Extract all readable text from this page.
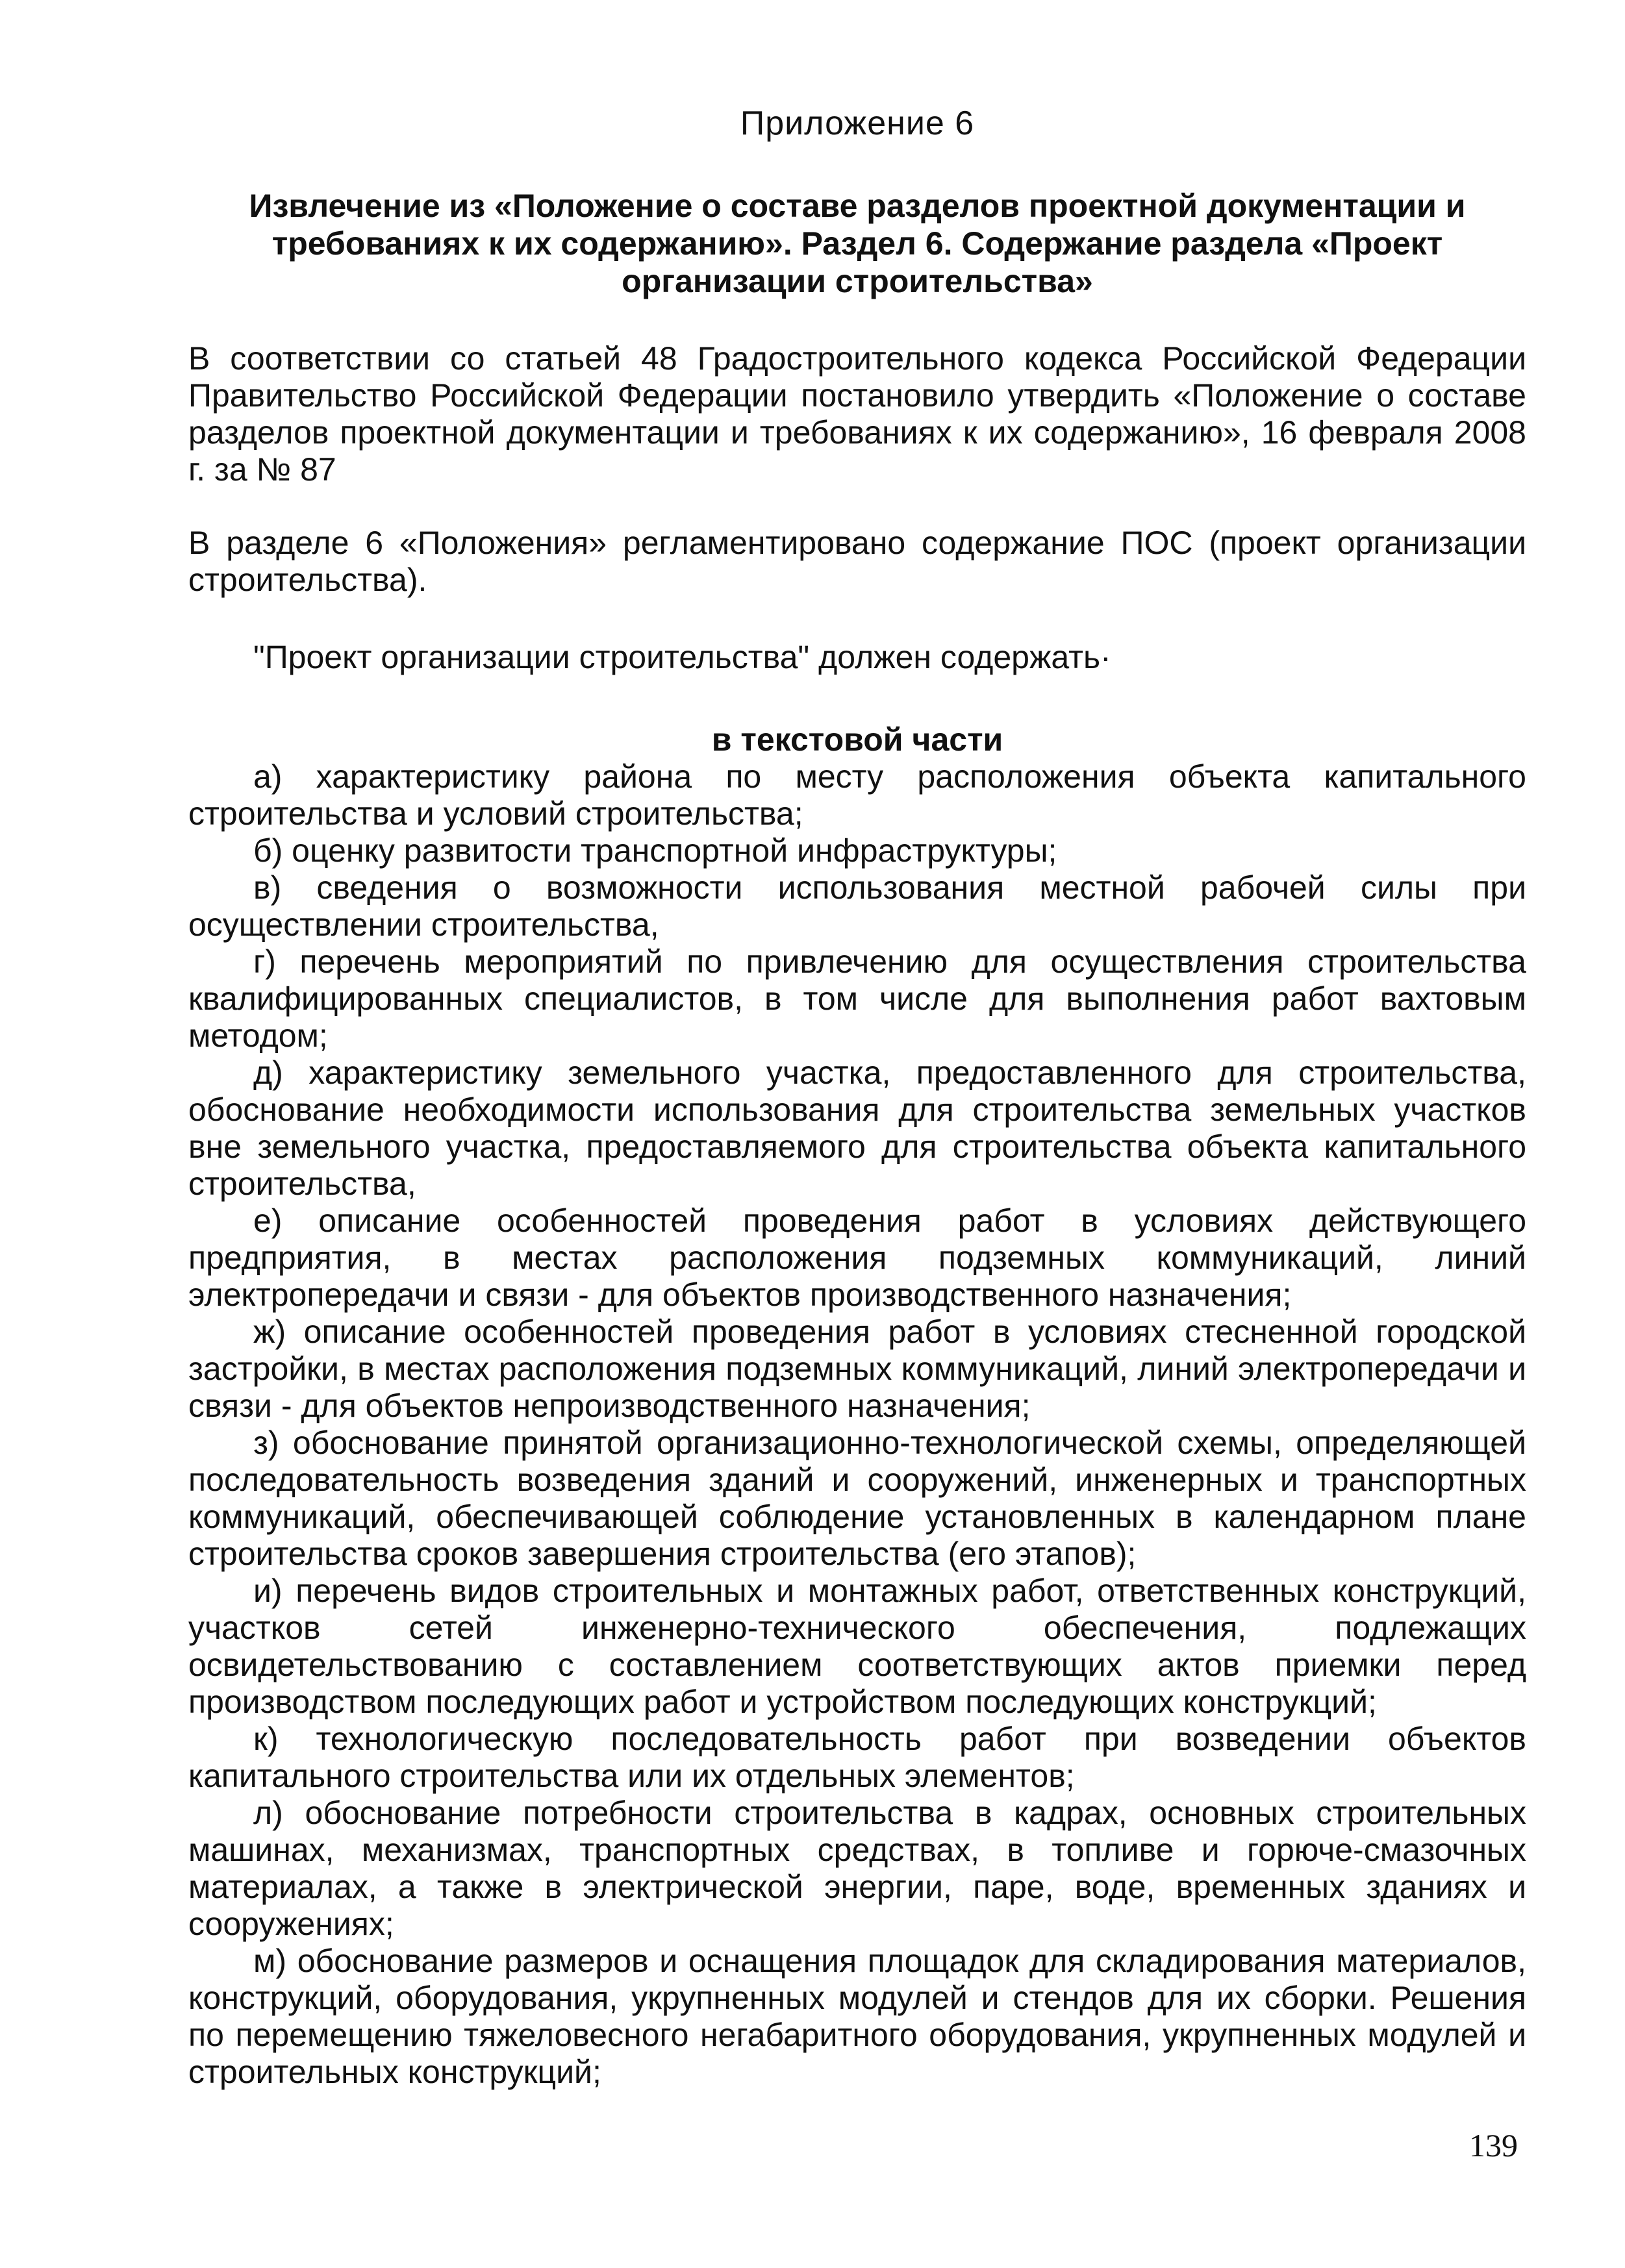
Приложение 6
Извлечение из «Положение о составе разделов проектной документации и требованиях к их содержанию». Раздел 6. Содержание раздела «Проект организации строительства»

В соответствии со статьей 48 Градостроительного кодекса Российской Федерации Правительство Российской Федерации постановило утвердить «Положение о составе разделов проектной документации и требованиях к их содержанию», 16 февраля 2008 г. за № 87

В разделе 6 «Положения» регламентировано содержание ПОС (проект организации строительства).

"Проект организации строительства" должен содержать·

в текстовой части

а) характеристику района по месту расположения объекта капитального строительства и условий строительства;

б) оценку развитости транспортной инфраструктуры;

в) сведения о возможности использования местной рабочей силы при осуществлении строительства,

г) перечень мероприятий по привлечению для осуществления строительства квалифицированных специалистов, в том числе для выполнения работ вахтовым методом;

д) характеристику земельного участка, предоставленного для строительства, обоснование необходимости использования для строительства земельных участков вне земельного участка, предоставляемого для строительства объекта капитального строительства,

е) описание особенностей проведения работ в условиях действующего предприятия, в местах расположения подземных коммуникаций, линий электропередачи и связи - для объектов производственного назначения;

ж) описание особенностей проведения работ в условиях стесненной городской застройки, в местах расположения подземных коммуникаций, линий электропередачи и связи - для объектов непроизводственного назначения;

з) обоснование принятой организационно-технологической схемы, определяющей последовательность возведения зданий и сооружений, инженерных и транспортных коммуникаций, обеспечивающей соблюдение установленных в календарном плане строительства сроков завершения строительства (его этапов);

и) перечень видов строительных и монтажных работ, ответственных конструкций, участков сетей инженерно-технического обеспечения, подлежащих освидетельствованию с составлением соответствующих актов приемки перед производством последующих работ и устройством последующих конструкций;

к) технологическую последовательность работ при возведении объектов капитального строительства или их отдельных элементов;

л) обоснование потребности строительства в кадрах, основных строительных машинах, механизмах, транспортных средствах, в топливе и горюче-смазочных материалах, а также в электрической энергии, паре, воде, временных зданиях и сооружениях;

м) обоснование размеров и оснащения площадок для складирования материалов, конструкций, оборудования, укрупненных модулей и стендов для их сборки. Решения по перемещению тяжеловесного негабаритного оборудования, укрупненных модулей и строительных конструкций;

139
